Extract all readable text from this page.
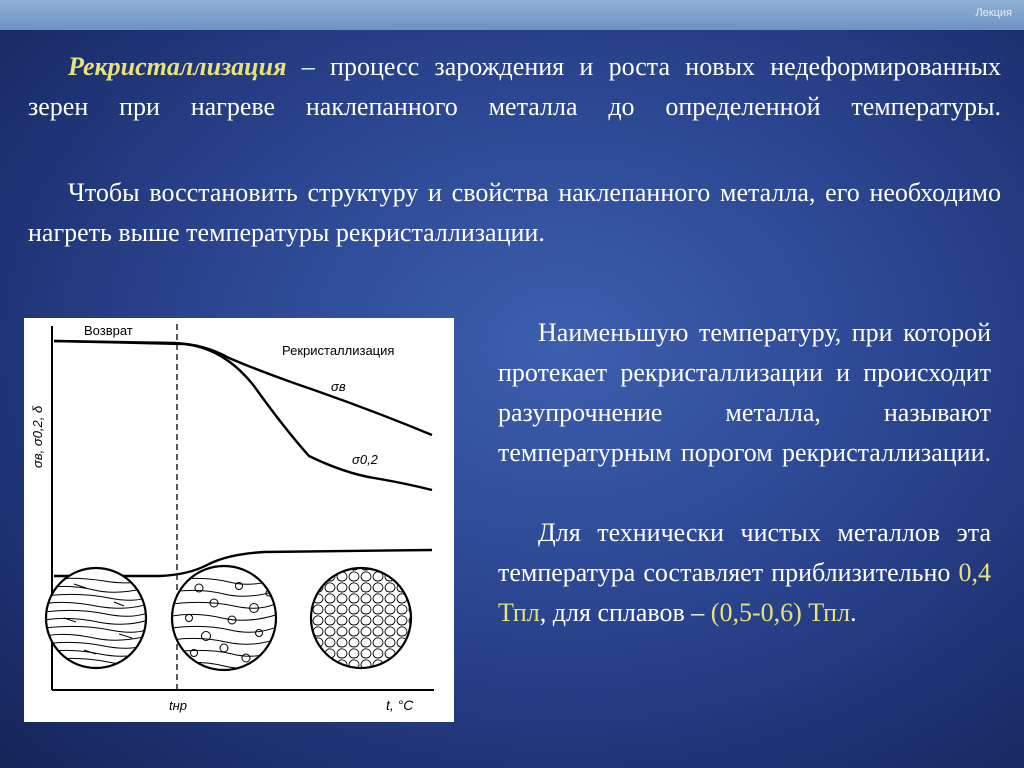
Лекция

Рекристаллизация – процесс зарождения и роста новых недеформированных зерен при нагреве наклепанного металла до определенной температуры.

Чтобы восстановить структуру и свойства наклепанного металла, его необходимо нагреть выше температуры рекристаллизации.

Возврат
Рекристаллизация
σв
σ0,2
σв, σ0,2, δ
t, °C
tнр

Наименьшую температуру, при которой протекает рекристаллизации и происходит разупрочнение металла, называют температурным порогом рекристаллизации.

Для технически чистых металлов эта температура составляет приблизительно 0,4 Тпл, для сплавов – (0,5-0,6) Тпл.
